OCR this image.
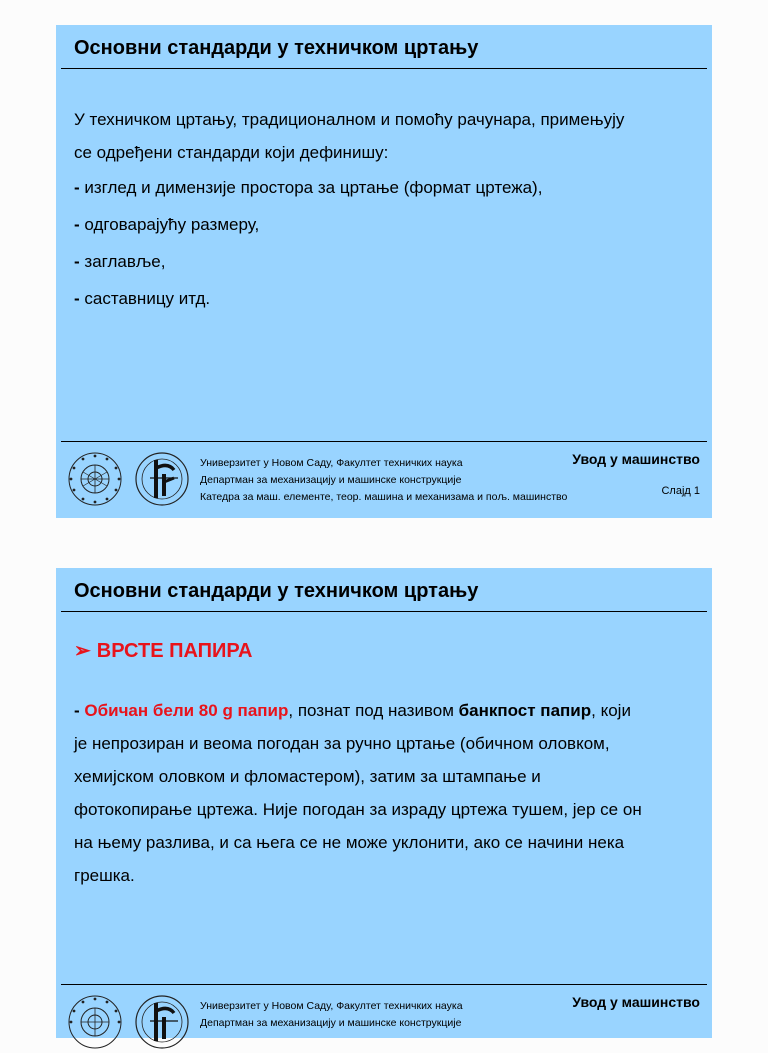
Основни стандарди у техничком цртању

У техничком цртању, традиционалном и помоћу рачунара, примењују

се одређени стандарди који дефинишу:

- изглед и димензије простора за цртање (формат цртежа),

- одговарајућу размеру,

- заглавље,

- саставницу итд.

Универзитет у Новом Саду, Факултет техничких наука
Департман за механизацију и машинске конструкције
Катедра за маш. елементе, теор. машина и механизама и пољ. машинство
Увод у машинство
Слајд 1
Основни стандарди у техничком цртању
➢ ВРСТЕ ПАПИРА
- Обичан бели 80 g папир, познат под називом банкпост папир, који
је непрозиран и веома погодан за ручно цртање (обичном оловком,
хемијском оловком и фломастером), затим за штампање и
фотокопирање цртежа. Није погодан за израду цртежа тушем, јер се он
на њему разлива, и са њега се не може уклонити, ако се начини нека
грешка.
Универзитет у Новом Саду, Факултет техничких наука
Департман за механизацију и машинске конструкције
Увод у машинство
